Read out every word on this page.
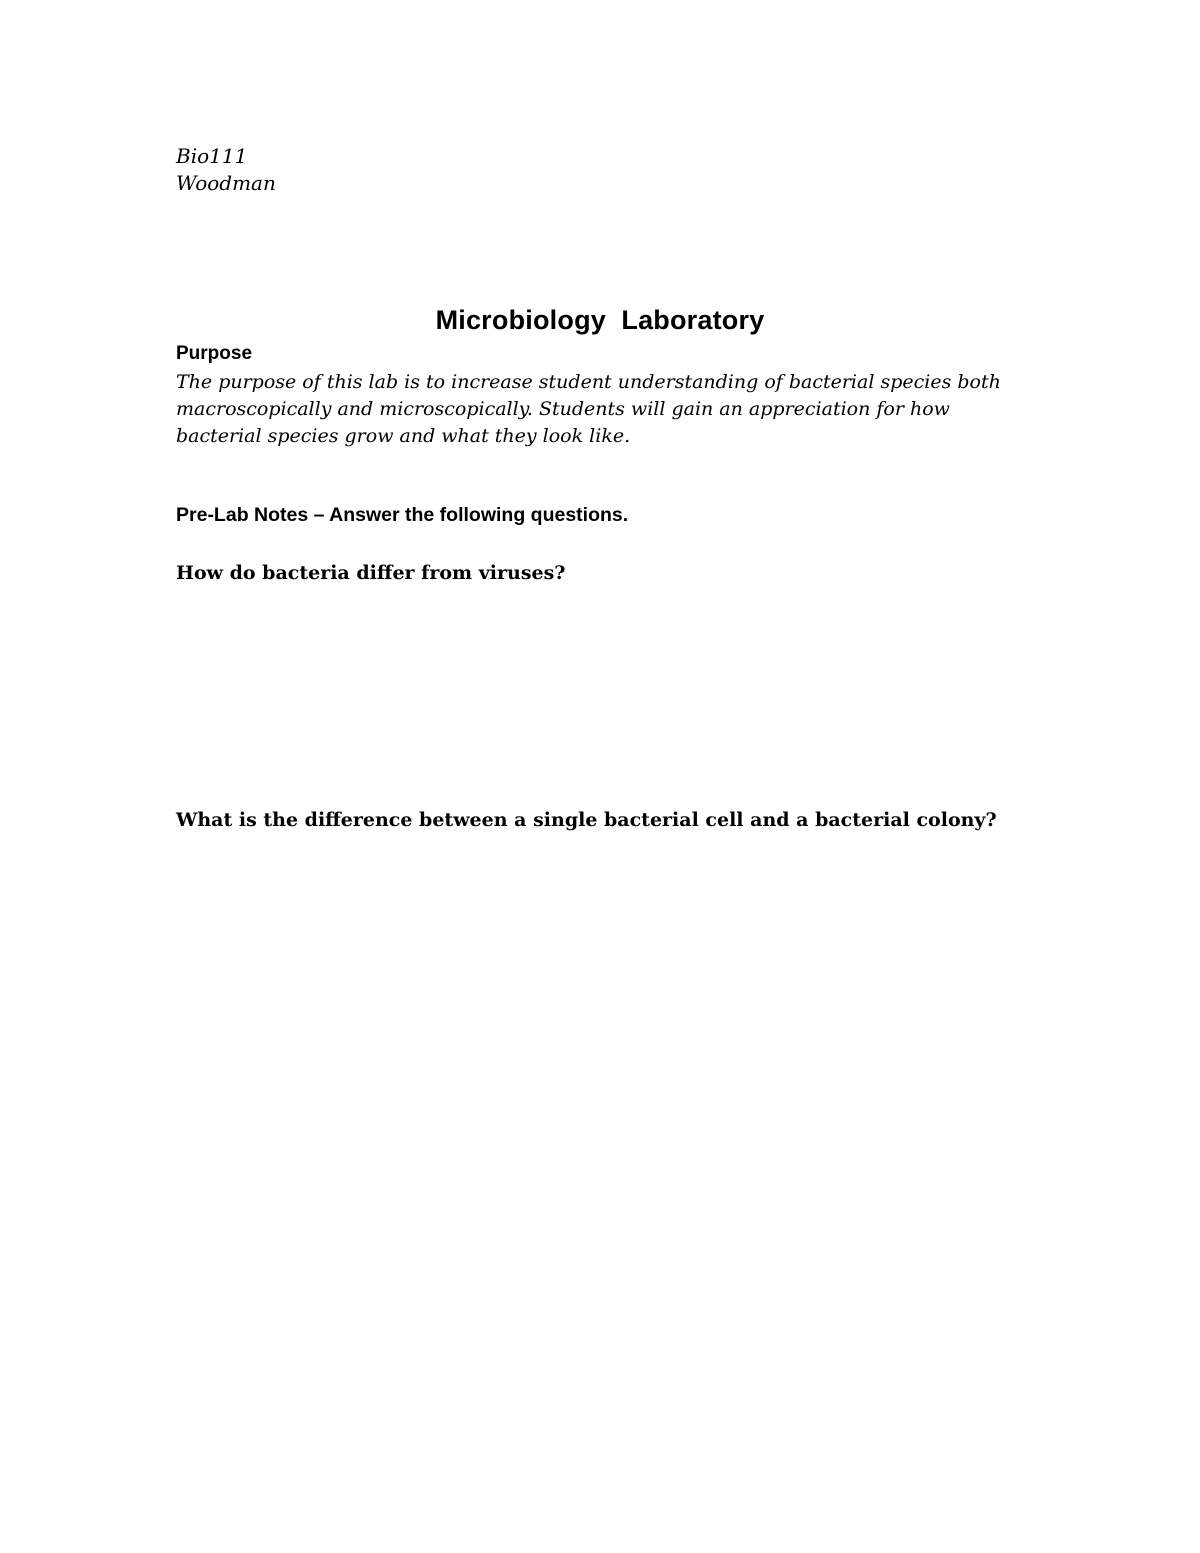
Bio111
Woodman
Microbiology  Laboratory
Purpose
The purpose of this lab is to increase student understanding of bacterial species both macroscopically and microscopically. Students will gain an appreciation for how bacterial species grow and what they look like.
Pre-Lab Notes – Answer the following questions.
How do bacteria differ from viruses?
What is the difference between a single bacterial cell and a bacterial colony?
